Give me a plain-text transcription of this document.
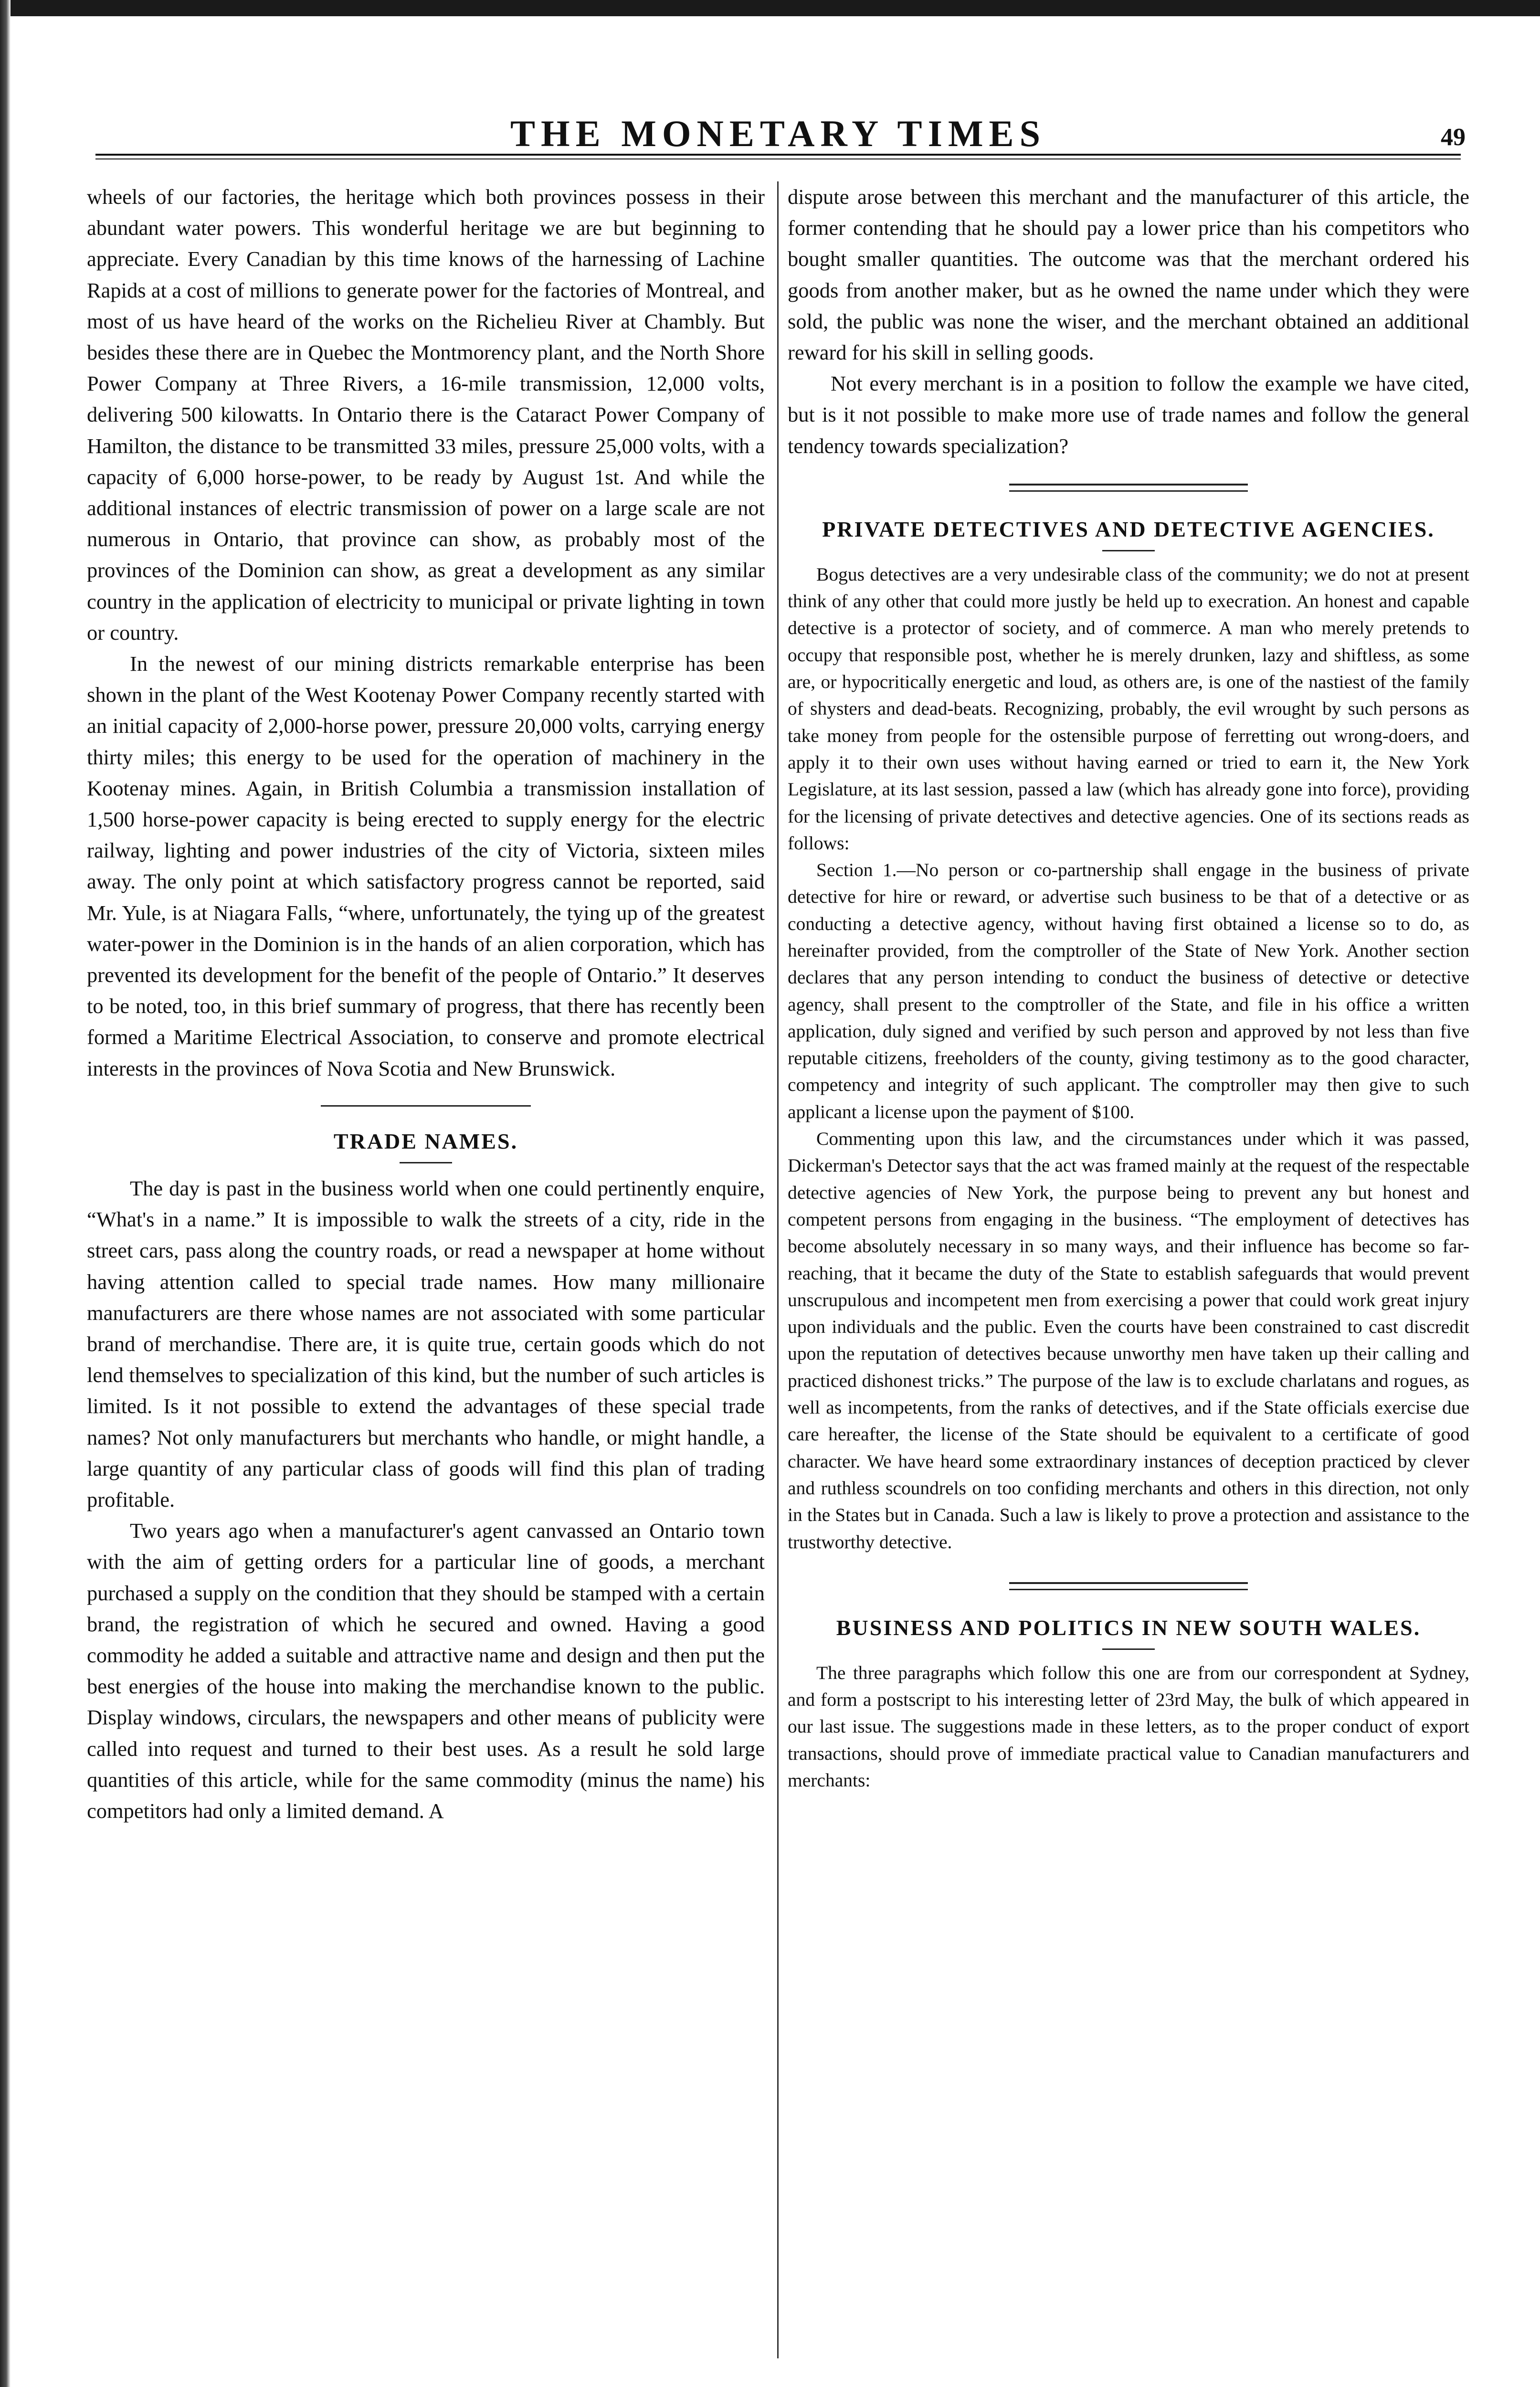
THE MONETARY TIMES	49

wheels of our factories, the heritage which both provinces possess in their abundant water powers. This wonderful heritage we are but beginning to appreciate. Every Canadian by this time knows of the harnessing of Lachine Rapids at a cost of millions to generate power for the factories of Montreal, and most of us have heard of the works on the Richelieu River at Chambly. But besides these there are in Quebec the Montmorency plant, and the North Shore Power Company at Three Rivers, a 16-mile transmission, 12,000 volts, delivering 500 kilowatts. In Ontario there is the Cataract Power Company of Hamilton, the distance to be transmitted 33 miles, pressure 25,000 volts, with a capacity of 6,000 horse-power, to be ready by August 1st. And while the additional instances of electric transmission of power on a large scale are not numerous in Ontario, that province can show, as probably most of the provinces of the Dominion can show, as great a development as any similar country in the application of electricity to municipal or private lighting in town or country.

In the newest of our mining districts remarkable enterprise has been shown in the plant of the West Kootenay Power Company recently started with an initial capacity of 2,000-horse power, pressure 20,000 volts, carrying energy thirty miles; this energy to be used for the operation of machinery in the Kootenay mines. Again, in British Columbia a transmission installation of 1,500 horse-power capacity is being erected to supply energy for the electric railway, lighting and power industries of the city of Victoria, sixteen miles away. The only point at which satisfactory progress cannot be reported, said Mr. Yule, is at Niagara Falls, “where, unfortunately, the tying up of the greatest water-power in the Dominion is in the hands of an alien corporation, which has prevented its development for the benefit of the people of Ontario.” It deserves to be noted, too, in this brief summary of progress, that there has recently been formed a Maritime Electrical Association, to conserve and promote electrical interests in the provinces of Nova Scotia and New Brunswick.

TRADE NAMES.

The day is past in the business world when one could pertinently enquire, “What's in a name.” It is impossible to walk the streets of a city, ride in the street cars, pass along the country roads, or read a newspaper at home without having attention called to special trade names. How many millionaire manufacturers are there whose names are not associated with some particular brand of merchandise. There are, it is quite true, certain goods which do not lend themselves to specialization of this kind, but the number of such articles is limited. Is it not possible to extend the advantages of these special trade names? Not only manufacturers but merchants who handle, or might handle, a large quantity of any particular class of goods will find this plan of trading profitable.

Two years ago when a manufacturer's agent canvassed an Ontario town with the aim of getting orders for a particular line of goods, a merchant purchased a supply on the condition that they should be stamped with a certain brand, the registration of which he secured and owned. Having a good commodity he added a suitable and attractive name and design and then put the best energies of the house into making the merchandise known to the public. Display windows, circulars, the newspapers and other means of publicity were called into request and turned to their best uses. As a result he sold large quantities of this article, while for the same commodity (minus the name) his competitors had only a limited demand. A

dispute arose between this merchant and the manufacturer of this article, the former contending that he should pay a lower price than his competitors who bought smaller quantities. The outcome was that the merchant ordered his goods from another maker, but as he owned the name under which they were sold, the public was none the wiser, and the merchant obtained an additional reward for his skill in selling goods.

Not every merchant is in a position to follow the example we have cited, but is it not possible to make more use of trade names and follow the general tendency towards specialization?

PRIVATE DETECTIVES AND DETECTIVE AGENCIES.

Bogus detectives are a very undesirable class of the community; we do not at present think of any other that could more justly be held up to execration. An honest and capable detective is a protector of society, and of commerce. A man who merely pretends to occupy that responsible post, whether he is merely drunken, lazy and shiftless, as some are, or hypocritically energetic and loud, as others are, is one of the nastiest of the family of shysters and dead-beats. Recognizing, probably, the evil wrought by such persons as take money from people for the ostensible purpose of ferretting out wrong-doers, and apply it to their own uses without having earned or tried to earn it, the New York Legislature, at its last session, passed a law (which has already gone into force), providing for the licensing of private detectives and detective agencies. One of its sections reads as follows:

Section 1.—No person or co-partnership shall engage in the business of private detective for hire or reward, or advertise such business to be that of a detective or as conducting a detective agency, without having first obtained a license so to do, as hereinafter provided, from the comptroller of the State of New York. Another section declares that any person intending to conduct the business of detective or detective agency, shall present to the comptroller of the State, and file in his office a written application, duly signed and verified by such person and approved by not less than five reputable citizens, freeholders of the county, giving testimony as to the good character, competency and integrity of such applicant. The comptroller may then give to such applicant a license upon the payment of $100.

Commenting upon this law, and the circumstances under which it was passed, Dickerman's Detector says that the act was framed mainly at the request of the respectable detective agencies of New York, the purpose being to prevent any but honest and competent persons from engaging in the business. “The employment of detectives has become absolutely necessary in so many ways, and their influence has become so far-reaching, that it became the duty of the State to establish safeguards that would prevent unscrupulous and incompetent men from exercising a power that could work great injury upon individuals and the public. Even the courts have been constrained to cast discredit upon the reputation of detectives because unworthy men have taken up their calling and practiced dishonest tricks.” The purpose of the law is to exclude charlatans and rogues, as well as incompetents, from the ranks of detectives, and if the State officials exercise due care hereafter, the license of the State should be equivalent to a certificate of good character. We have heard some extraordinary instances of deception practiced by clever and ruthless scoundrels on too confiding merchants and others in this direction, not only in the States but in Canada. Such a law is likely to prove a protection and assistance to the trustworthy detective.

BUSINESS AND POLITICS IN NEW SOUTH WALES.

The three paragraphs which follow this one are from our correspondent at Sydney, and form a postscript to his interesting letter of 23rd May, the bulk of which appeared in our last issue. The suggestions made in these letters, as to the proper conduct of export transactions, should prove of immediate practical value to Canadian manufacturers and merchants:
